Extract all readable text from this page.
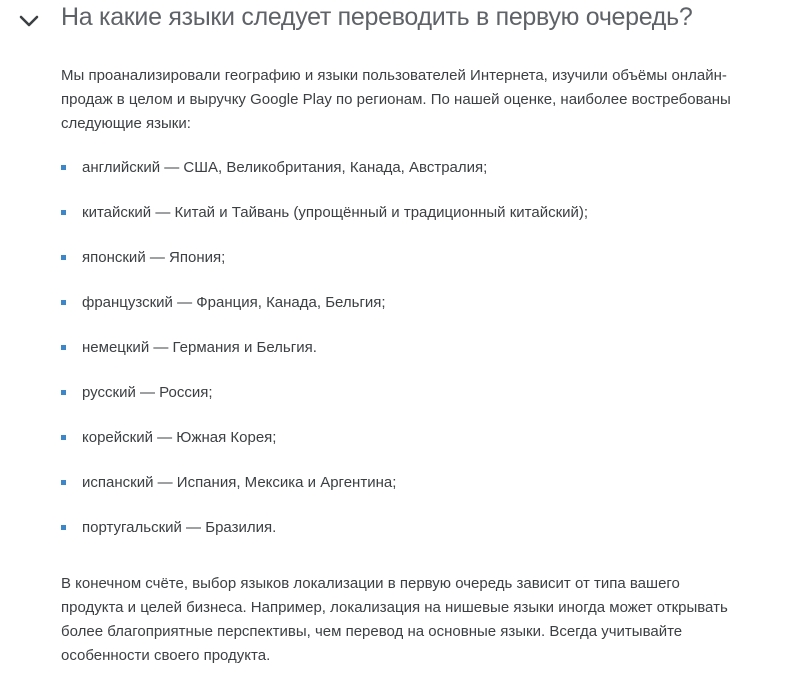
На какие языки следует переводить в первую очередь?

Мы проанализировали географию и языки пользователей Интернета, изучили объёмы онлайн-продаж в целом и выручку Google Play по регионам. По нашей оценке, наиболее востребованы следующие языки:

английский — США, Великобритания, Канада, Австралия;
китайский — Китай и Тайвань (упрощённый и традиционный китайский);
японский — Япония;
французский — Франция, Канада, Бельгия;
немецкий — Германия и Бельгия.
русский — Россия;
корейский — Южная Корея;
испанский — Испания, Мексика и Аргентина;
португальский — Бразилия.

В конечном счёте, выбор языков локализации в первую очередь зависит от типа вашего продукта и целей бизнеса. Например, локализация на нишевые языки иногда может открывать более благоприятные перспективы, чем перевод на основные языки. Всегда учитывайте особенности своего продукта.
